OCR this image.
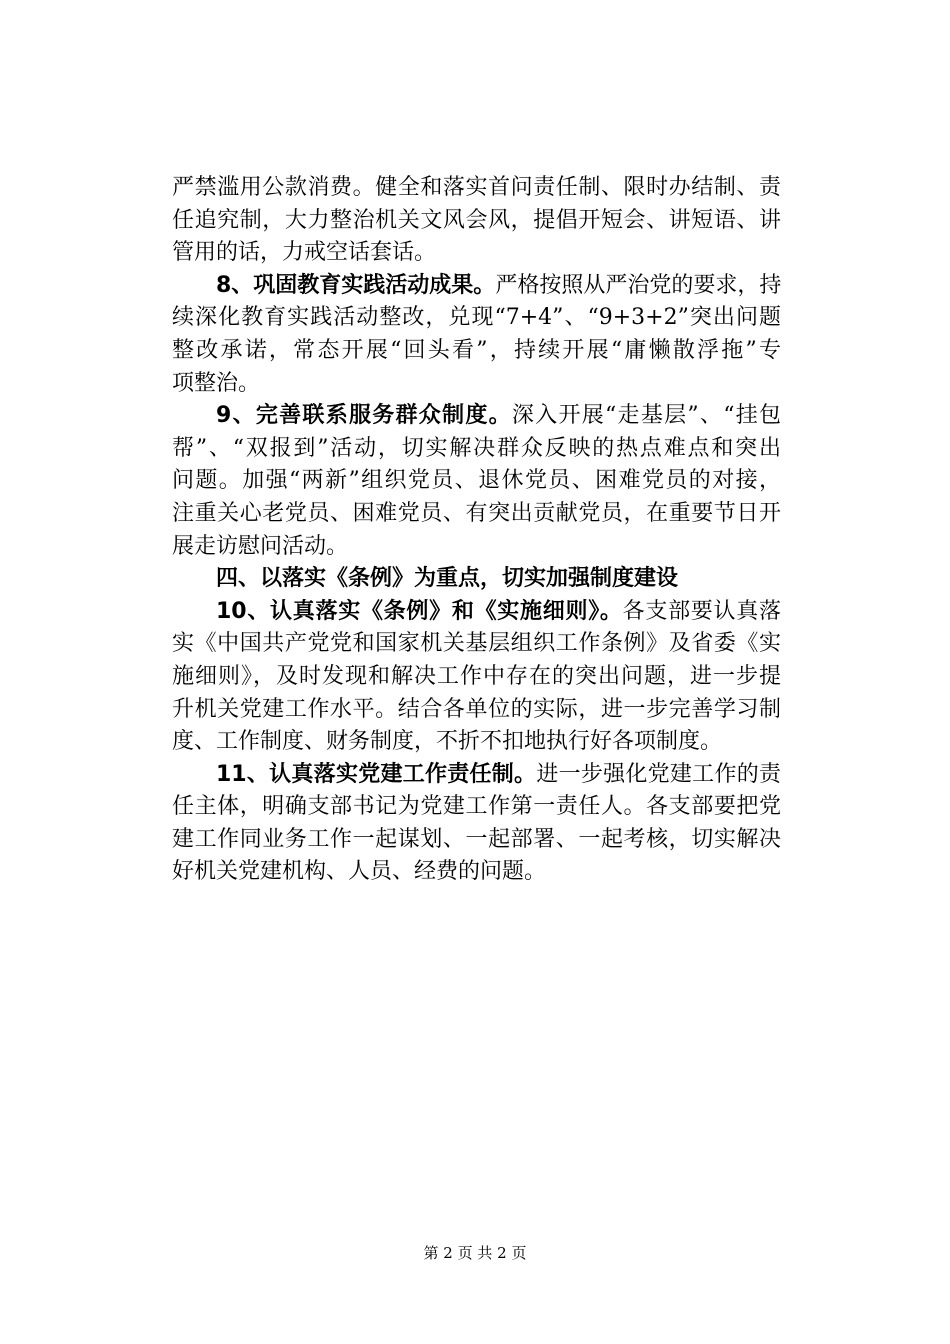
严禁滥用公款消费。健全和落实首问责任制、限时办结制、责
任追究制，大力整治机关文风会风，提倡开短会、讲短语、讲
管用的话，力戒空话套话。
8、巩固教育实践活动成果。严格按照从严治党的要求，持
续深化教育实践活动整改，兑现“7+4”、“9+3+2”突出问题
整改承诺，常态开展“回头看”，持续开展“庸懒散浮拖”专
项整治。
9、完善联系服务群众制度。深入开展“走基层”、“挂包
帮”、“双报到”活动，切实解决群众反映的热点难点和突出
问题。加强“两新”组织党员、退休党员、困难党员的对接，
注重关心老党员、困难党员、有突出贡献党员，在重要节日开
展走访慰问活动。
四、以落实《条例》为重点，切实加强制度建设
10、认真落实《条例》和《实施细则》。各支部要认真落
实《中国共产党党和国家机关基层组织工作条例》及省委《实
施细则》，及时发现和解决工作中存在的突出问题，进一步提
升机关党建工作水平。结合各单位的实际，进一步完善学习制
度、工作制度、财务制度，不折不扣地执行好各项制度。
11、认真落实党建工作责任制。进一步强化党建工作的责
任主体，明确支部书记为党建工作第一责任人。各支部要把党
建工作同业务工作一起谋划、一起部署、一起考核，切实解决
好机关党建机构、人员、经费的问题。
第 2 页 共 2 页
